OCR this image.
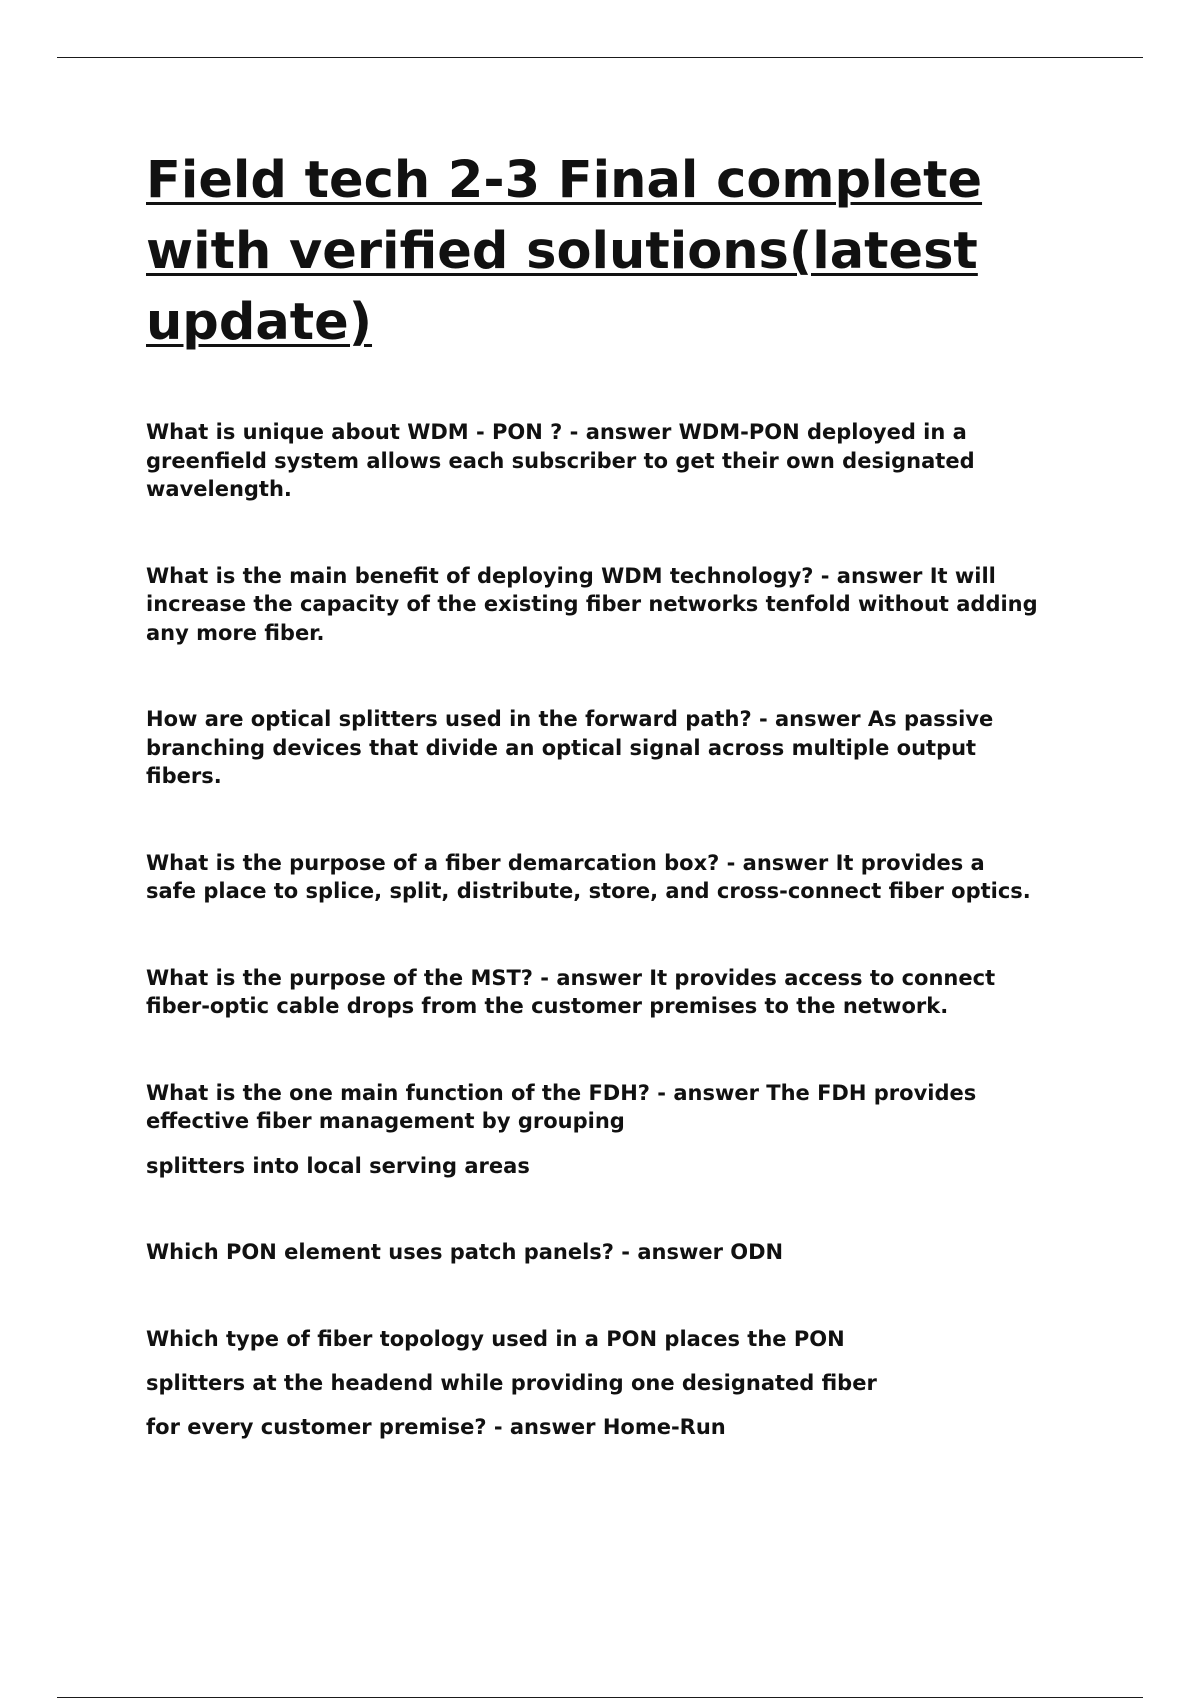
Field tech 2-3 Final complete with verified solutions(latest update)

What is unique about WDM - PON ? - answer WDM-PON deployed in a
greenfield system allows each subscriber to get their own designated
wavelength.

What is the main benefit of deploying WDM technology? - answer It will
increase the capacity of the existing fiber networks tenfold without adding
any more fiber.

How are optical splitters used in the forward path? - answer As passive
branching devices that divide an optical signal across multiple output
fibers.

What is the purpose of a fiber demarcation box? - answer It provides a
safe place to splice, split, distribute, store, and cross-connect fiber optics.

What is the purpose of the MST? - answer It provides access to connect
fiber-optic cable drops from the customer premises to the network.

What is the one main function of the FDH? - answer The FDH provides
effective fiber management by grouping
splitters into local serving areas

Which PON element uses patch panels? - answer ODN

Which type of fiber topology used in a PON places the PON
splitters at the headend while providing one designated fiber
for every customer premise? - answer Home-Run
